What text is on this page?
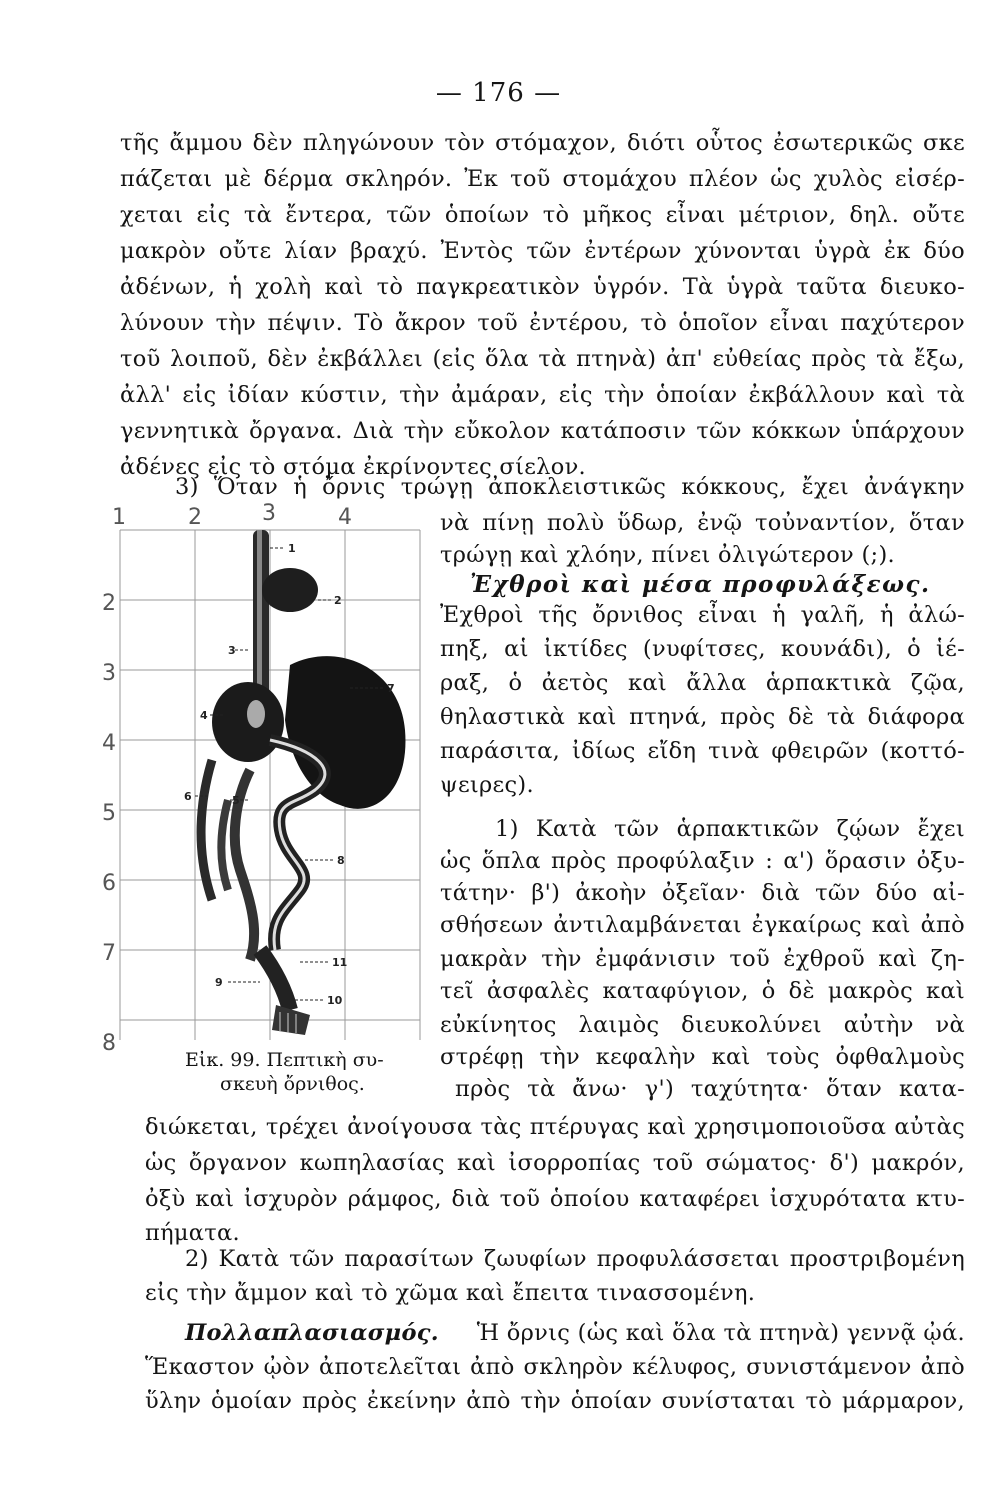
— 176 —
τῆς ἄμμου δὲν πληγώνουν τὸν στόμαχον, διότι οὗτος ἐσωτερικῶς σκε
πάζεται μὲ δέρμα σκληρόν. Ἐκ τοῦ στομάχου πλέον ὡς χυλὸς εἰσέρ-
χεται εἰς τὰ ἔντερα, τῶν ὁποίων τὸ μῆκος εἶναι μέτριον, δηλ. οὔτε
μακρὸν οὔτε λίαν βραχύ. Ἐντὸς τῶν ἐντέρων χύνονται ὑγρὰ ἐκ δύο
ἀδένων, ἡ χολὴ καὶ τὸ παγκρεατικὸν ὑγρόν. Τὰ ὑγρὰ ταῦτα διευκο-
λύνουν τὴν πέψιν. Τὸ ἄκρον τοῦ ἐντέρου, τὸ ὁποῖον εἶναι παχύτερον
τοῦ λοιποῦ, δὲν ἐκβάλλει (εἰς ὅλα τὰ πτηνὰ) ἀπ' εὐθείας πρὸς τὰ ἔξω,
ἀλλ' εἰς ἰδίαν κύστιν, τὴν ἀμάραν, εἰς τὴν ὁποίαν ἐκβάλλουν καὶ τὰ
γεννητικὰ ὄργανα. Διὰ τὴν εὔκολον κατάποσιν τῶν κόκκων ὑπάρχουν
ἀδένες εἰς τὸ στόμα ἐκρίνοντες σίελον.
3) Ὅταν ἡ ὄρνις τρώγῃ ἀποκλειστικῶς κόκκους, ἔχει ἀνάγκην
νὰ πίνῃ πολὺ ὕδωρ, ἐνῷ τοὐναντίον, ὅταν
τρώγῃ καὶ χλόην, πίνει ὀλιγώτερον (;).
Ἐχθροὶ καὶ μέσα προφυλάξεως.
Ἐχθροὶ τῆς ὄρνιθος εἶναι ἡ γαλῆ, ἡ ἀλώ-
πηξ, αἱ ἰκτίδες (νυφίτσες, κουνάδι), ὁ ἱέ-
ραξ, ὁ ἀετὸς καὶ ἄλλα ἁρπακτικὰ ζῷα,
θηλαστικὰ καὶ πτηνά, πρὸς δὲ τὰ διάφορα
παράσιτα, ἰδίως εἴδη τινὰ φθειρῶν (κοττό-
ψειρες).
1) Κατὰ τῶν ἁρπακτικῶν ζῴων ἔχει
ὡς ὅπλα πρὸς προφύλαξιν : α') ὅρασιν ὀξυ-
τάτην· β') ἀκοὴν ὀξεῖαν· διὰ τῶν δύο αἰ-
σθήσεων ἀντιλαμβάνεται ἐγκαίρως καὶ ἀπὸ
μακρὰν τὴν ἐμφάνισιν τοῦ ἐχθροῦ καὶ ζη-
τεῖ ἀσφαλὲς καταφύγιον, ὁ δὲ μακρὸς καὶ
εὐκίνητος λαιμὸς διευκολύνει αὐτὴν νὰ
στρέφῃ τὴν κεφαλὴν καὶ τοὺς ὀφθαλμοὺς
πρὸς τὰ ἄνω· γ') ταχύτητα· ὅταν κατα-
1	2	3	4
2
3
4
5
6
7
8
1
2
3
4
5
6
7
8
9
10
11
Εἰκ. 99. Πεπτικὴ συ-
σκευὴ ὄρνιθος.
διώκεται, τρέχει ἀνοίγουσα τὰς πτέρυγας καὶ χρησιμοποιοῦσα αὐτὰς
ὡς ὄργανον κωπηλασίας καὶ ἰσορροπίας τοῦ σώματος· δ') μακρόν,
ὀξὺ καὶ ἰσχυρὸν ράμφος, διὰ τοῦ ὁποίου καταφέρει ἰσχυρότατα κτυ-
πήματα.
2) Κατὰ τῶν παρασίτων ζωυφίων προφυλάσσεται προστριβομένη
εἰς τὴν ἄμμον καὶ τὸ χῶμα καὶ ἔπειτα τινασσομένη.
Πολλαπλασιασμός. Ἡ ὄρνις (ὡς καὶ ὅλα τὰ πτηνὰ) γεννᾷ ᾠά.
Ἕκαστον ᾠὸν ἀποτελεῖται ἀπὸ σκληρὸν κέλυφος, συνιστάμενον ἀπὸ
ὕλην ὁμοίαν πρὸς ἐκείνην ἀπὸ τὴν ὁποίαν συνίσταται τὸ μάρμαρον,
